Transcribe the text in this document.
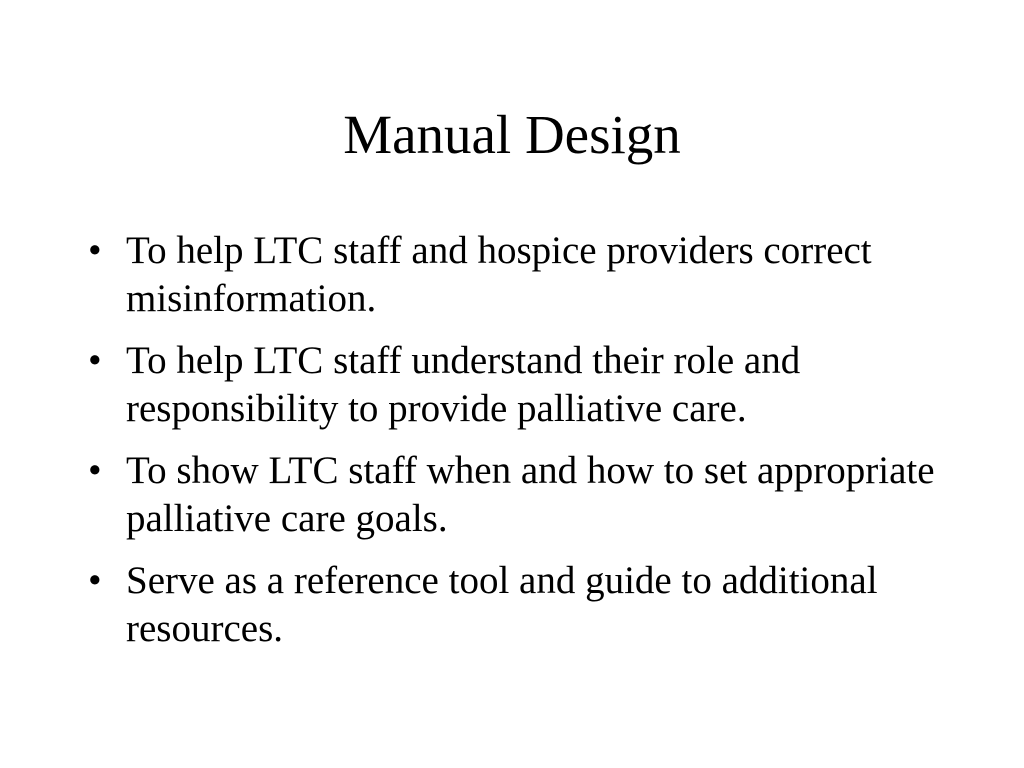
Manual Design
• To help LTC staff and hospice providers correct misinformation.
• To help LTC staff understand their role and responsibility to provide palliative care.
• To show LTC staff when and how to set appropriate palliative care goals.
• Serve as a reference tool and guide to additional resources.
